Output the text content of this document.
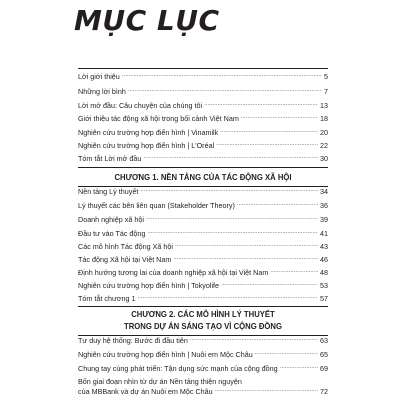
MỤC LỤC
Lời giới thiệu .....	5
Những lời bình .....	7
Lời mở đầu: Câu chuyện của chúng tôi .....	13
Giới thiệu tác động xã hội trong bối cảnh Việt Nam .....	18
Nghiên cứu trường hợp điển hình | Vinamilk .....	20
Nghiên cứu trường hợp điển hình | L'Oréal .....	22
Tóm tắt Lời mở đầu .....	30
CHƯƠNG 1. NỀN TẢNG CỦA TÁC ĐỘNG XÃ HỘI
Nền tảng Lý thuyết .....	34
Lý thuyết các bên liên quan (Stakeholder Theory) .....	36
Doanh nghiệp xã hội .....	39
Đầu tư vào Tác động .....	41
Các mô hình Tác động Xã hội .....	43
Tác động Xã hội tại Việt Nam .....	46
Định hướng tương lai của doanh nghiệp xã hội tại Việt Nam .....	48
Nghiên cứu trường hợp điển hình | Tokyolife .....	53
Tóm tắt chương 1 .....	57
CHƯƠNG 2. CÁC MÔ HÌNH LÝ THUYẾT
TRONG DỰ ÁN SÁNG TẠO VÌ CỘNG ĐỒNG
Tư duy hệ thống: Bước đi đầu tiên .....	63
Nghiên cứu trường hợp điển hình | Nuôi em Mộc Châu .....	65
Chung tay cùng phát triển: Tận dụng sức mạnh của cộng đồng .....	69
Bốn giai đoạn nhìn từ dự án Nền tảng thiện nguyện
của MBBank và dự án Nuôi em Mộc Châu .....	72
